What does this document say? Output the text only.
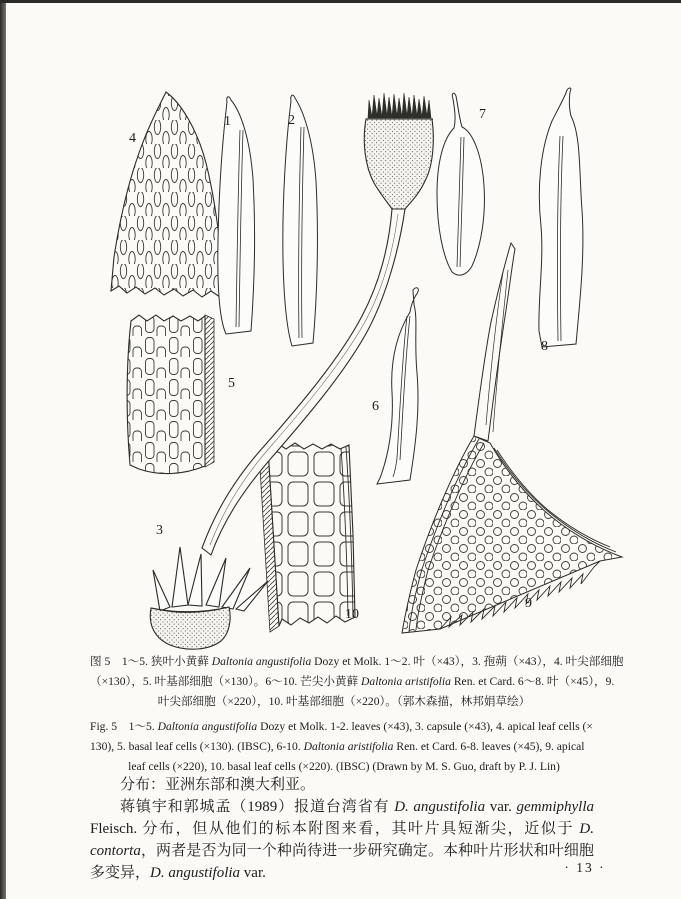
1	2
3
4
5
6
7
8
9
10
图 5　1～5. 狭叶小黄藓 Daltonia angustifolia Dozy et Molk. 1～2. 叶（×43），3. 孢蒴（×43），4. 叶尖部细胞
（×130），5. 叶基部细胞（×130）。6～10. 芒尖小黄藓 Daltonia aristifolia Ren. et Card. 6～8. 叶（×45），9.
叶尖部细胞（×220），10. 叶基部细胞（×220）。（郭木森描，林邦娟草绘）
Fig. 5　1～5. Daltonia angustifolia Dozy et Molk. 1-2. leaves (×43), 3. capsule (×43), 4. apical leaf cells (×
130), 5. basal leaf cells (×130). (IBSC), 6-10. Daltonia aristifolia Ren. et Card. 6-8. leaves (×45), 9. apical
leaf cells (×220), 10. basal leaf cells (×220). (IBSC) (Drawn by M. S. Guo, draft by P. J. Lin)
分布：亚洲东部和澳大利亚。
蒋镇宇和郭城孟（1989）报道台湾省有 D. angustifolia var. gemmiphylla Fleisch. 分布，但从他们的标本附图来看，其叶片具短渐尖，近似于 D. contorta，两者是否为同一个种尚待进一步研究确定。本种叶片形状和叶细胞多变异，D. angustifolia var.	· 13 ·
